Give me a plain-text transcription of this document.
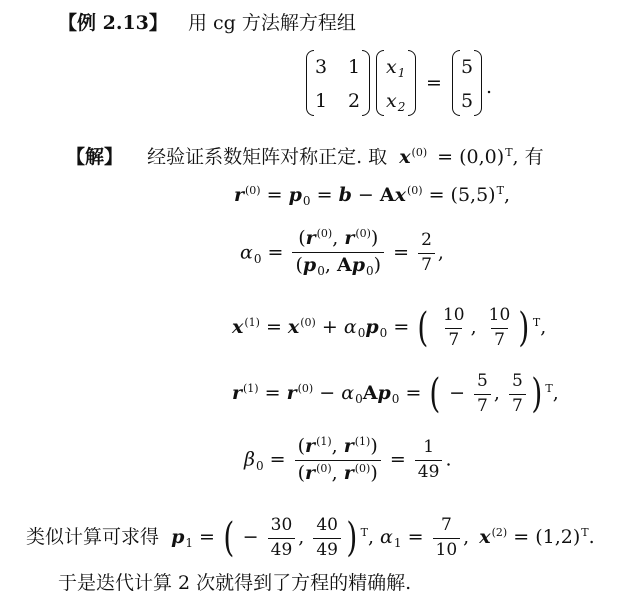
【例 2.13】 用 cg 方法解方程组
3 1
1 2
$x_1$
$x_2$
=
5
5
.
【解】 经验证系数矩阵对称正定. 取 $x^{(0)} = (0,0)^T$, 有
$r^{(0)} = p_0 = b - Ax^{(0)} = (5,5)^T$,
$\alpha_0 = \frac{(r^{(0)}, r^{(0)})}{(p_0, Ap_0)} = \frac{2}{7}$ ,
$x^{(1)} = x^{(0)} + \alpha_0p_0$ = ( $\frac{10}{7}$ , $\frac{10}{7}$ ) $^T$,
$r^{(1)} = r^{(0)} - \alpha_0Ap_0$ = ( − $\frac{5}{7}$ , $\frac{5}{7}$ ) $^T$,
$\beta_0 = \frac{(r^{(1)}, r^{(1)})}{(r^{(0)}, r^{(0)})} = \frac{1}{49}$ .
类似计算可求得 $p_1$ = ( − $\frac{30}{49}$ , $\frac{40}{49}$ ) $^T$, $\alpha_1 = \frac{7}{10}$ , $x^{(2)} = (1,2)^T$.
于是迭代计算 2 次就得到了方程的精确解.
